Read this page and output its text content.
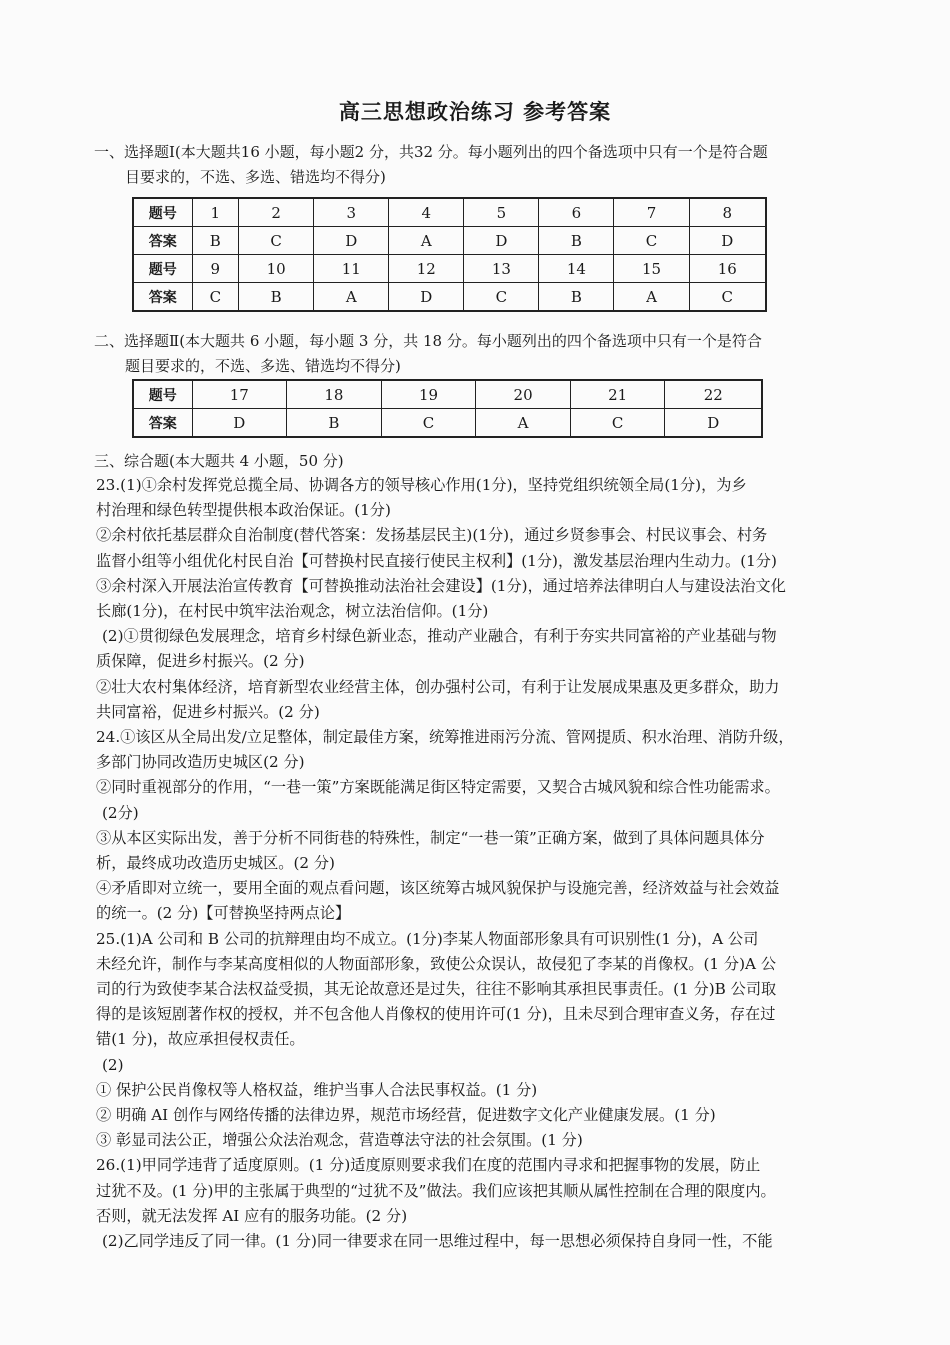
高三思想政治练习 参考答案
一、选择题Ⅰ(本大题共16 小题，每小题2 分，共32 分。每小题列出的四个备选项中只有一个是符合题
目要求的，不选、多选、错选均不得分)
题号	1	2	3	4	5	6	7	8
答案	B	C	D	A	D	B	C	D
题号	9	10	11	12	13	14	15	16
答案	C	B	A	D	C	B	A	C
二、选择题Ⅱ(本大题共 6 小题，每小题 3 分，共 18 分。每小题列出的四个备选项中只有一个是符合
题目要求的，不选、多选、错选均不得分)
题号	17	18	19	20	21	22
答案	D	B	C	A	C	D
三、综合题(本大题共 4 小题，50 分)

23.(1)①余村发挥党总揽全局、协调各方的领导核心作用(1分)，坚持党组织统领全局(1分)，为乡

村治理和绿色转型提供根本政治保证。(1分)

②余村依托基层群众自治制度(替代答案：发扬基层民主)(1分)，通过乡贤参事会、村民议事会、村务

监督小组等小组优化村民自治【可替换村民直接行使民主权利】(1分)，激发基层治理内生动力。(1分)

③余村深入开展法治宣传教育【可替换推动法治社会建设】(1分)，通过培养法律明白人与建设法治文化

长廊(1分)，在村民中筑牢法治观念，树立法治信仰。(1分)

(2)①贯彻绿色发展理念，培育乡村绿色新业态，推动产业融合，有利于夯实共同富裕的产业基础与物

质保障，促进乡村振兴。(2 分)

②壮大农村集体经济，培育新型农业经营主体，创办强村公司，有利于让发展成果惠及更多群众，助力

共同富裕，促进乡村振兴。(2 分)

24.①该区从全局出发/立足整体，制定最佳方案，统筹推进雨污分流、管网提质、积水治理、消防升级，

多部门协同改造历史城区(2 分)

②同时重视部分的作用，“一巷一策”方案既能满足街区特定需要，又契合古城风貌和综合性功能需求。

(2分)

③从本区实际出发，善于分析不同街巷的特殊性，制定“一巷一策”正确方案，做到了具体问题具体分

析，最终成功改造历史城区。(2 分)

④矛盾即对立统一，要用全面的观点看问题，该区统筹古城风貌保护与设施完善，经济效益与社会效益

的统一。(2 分)【可替换坚持两点论】

25.(1)A 公司和 B 公司的抗辩理由均不成立。(1分)李某人物面部形象具有可识别性(1 分)，A 公司

未经允许，制作与李某高度相似的人物面部形象，致使公众误认，故侵犯了李某的肖像权。(1 分)A 公

司的行为致使李某合法权益受损，其无论故意还是过失，往往不影响其承担民事责任。(1 分)B 公司取

得的是该短剧著作权的授权，并不包含他人肖像权的使用许可(1 分)，且未尽到合理审查义务，存在过

错(1 分)，故应承担侵权责任。

(2)

① 保护公民肖像权等人格权益，维护当事人合法民事权益。(1 分)

② 明确 AI 创作与网络传播的法律边界，规范市场经营，促进数字文化产业健康发展。(1 分)

③ 彰显司法公正，增强公众法治观念，营造尊法守法的社会氛围。(1 分)

26.(1)甲同学违背了适度原则。(1 分)适度原则要求我们在度的范围内寻求和把握事物的发展，防止

过犹不及。(1 分)甲的主张属于典型的“过犹不及”做法。我们应该把其顺从属性控制在合理的限度内。

否则，就无法发挥 AI 应有的服务功能。(2 分)

(2)乙同学违反了同一律。(1 分)同一律要求在同一思维过程中，每一思想必须保持自身同一性，不能
